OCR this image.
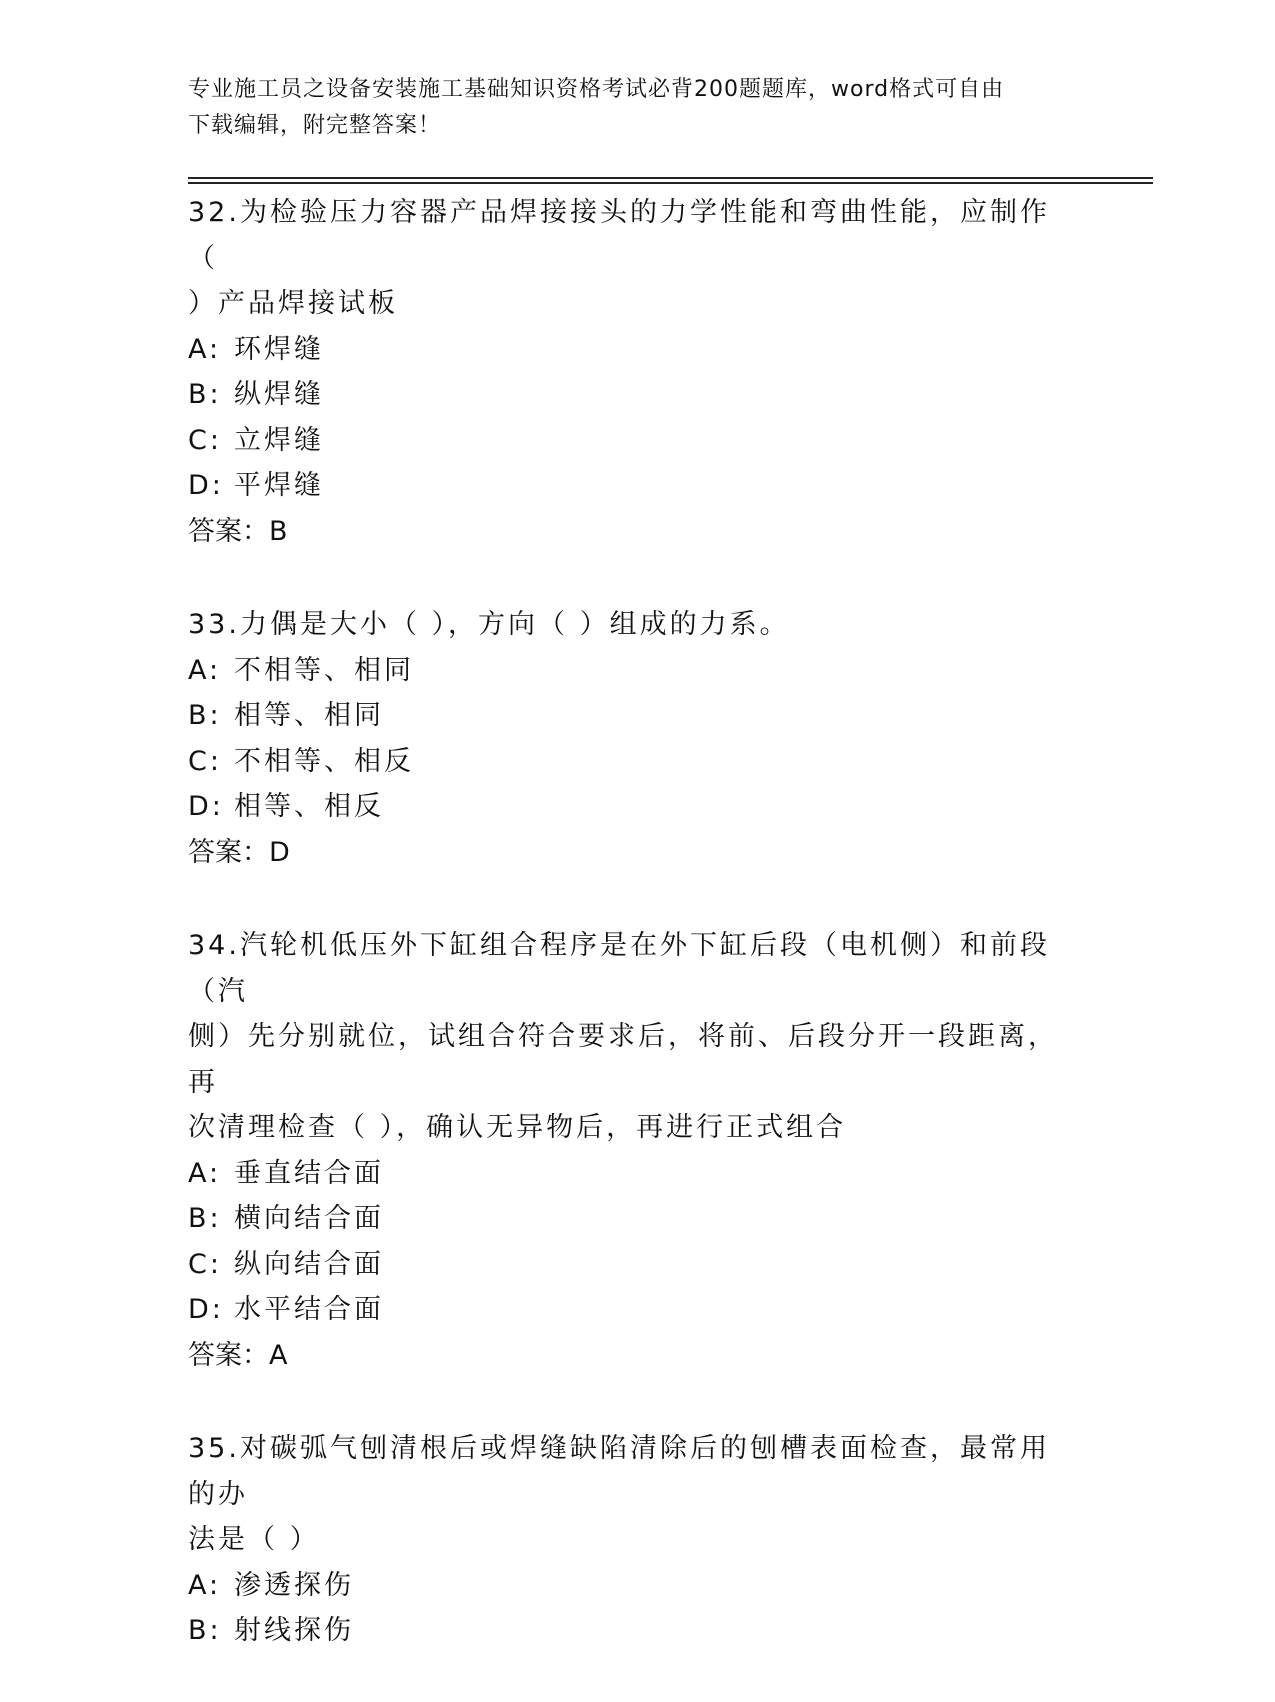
专业施工员之设备安装施工基础知识资格考试必背200题题库，word格式可自由
下载编辑，附完整答案！
32.为检验压力容器产品焊接接头的力学性能和弯曲性能，应制作（
）产品焊接试板
A: 环焊缝
B: 纵焊缝
C: 立焊缝
D: 平焊缝
答案：B
33.力偶是大小（ ），方向（ ）组成的力系。
A: 不相等、相同
B: 相等、相同
C: 不相等、相反
D: 相等、相反
答案：D
34.汽轮机低压外下缸组合程序是在外下缸后段（电机侧）和前段（汽
侧）先分别就位，试组合符合要求后，将前、后段分开一段距离，再
次清理检查（ ），确认无异物后，再进行正式组合
A: 垂直结合面
B: 横向结合面
C: 纵向结合面
D: 水平结合面
答案：A
35.对碳弧气刨清根后或焊缝缺陷清除后的刨槽表面检查，最常用的办
法是（ ）
A: 渗透探伤
B: 射线探伤
